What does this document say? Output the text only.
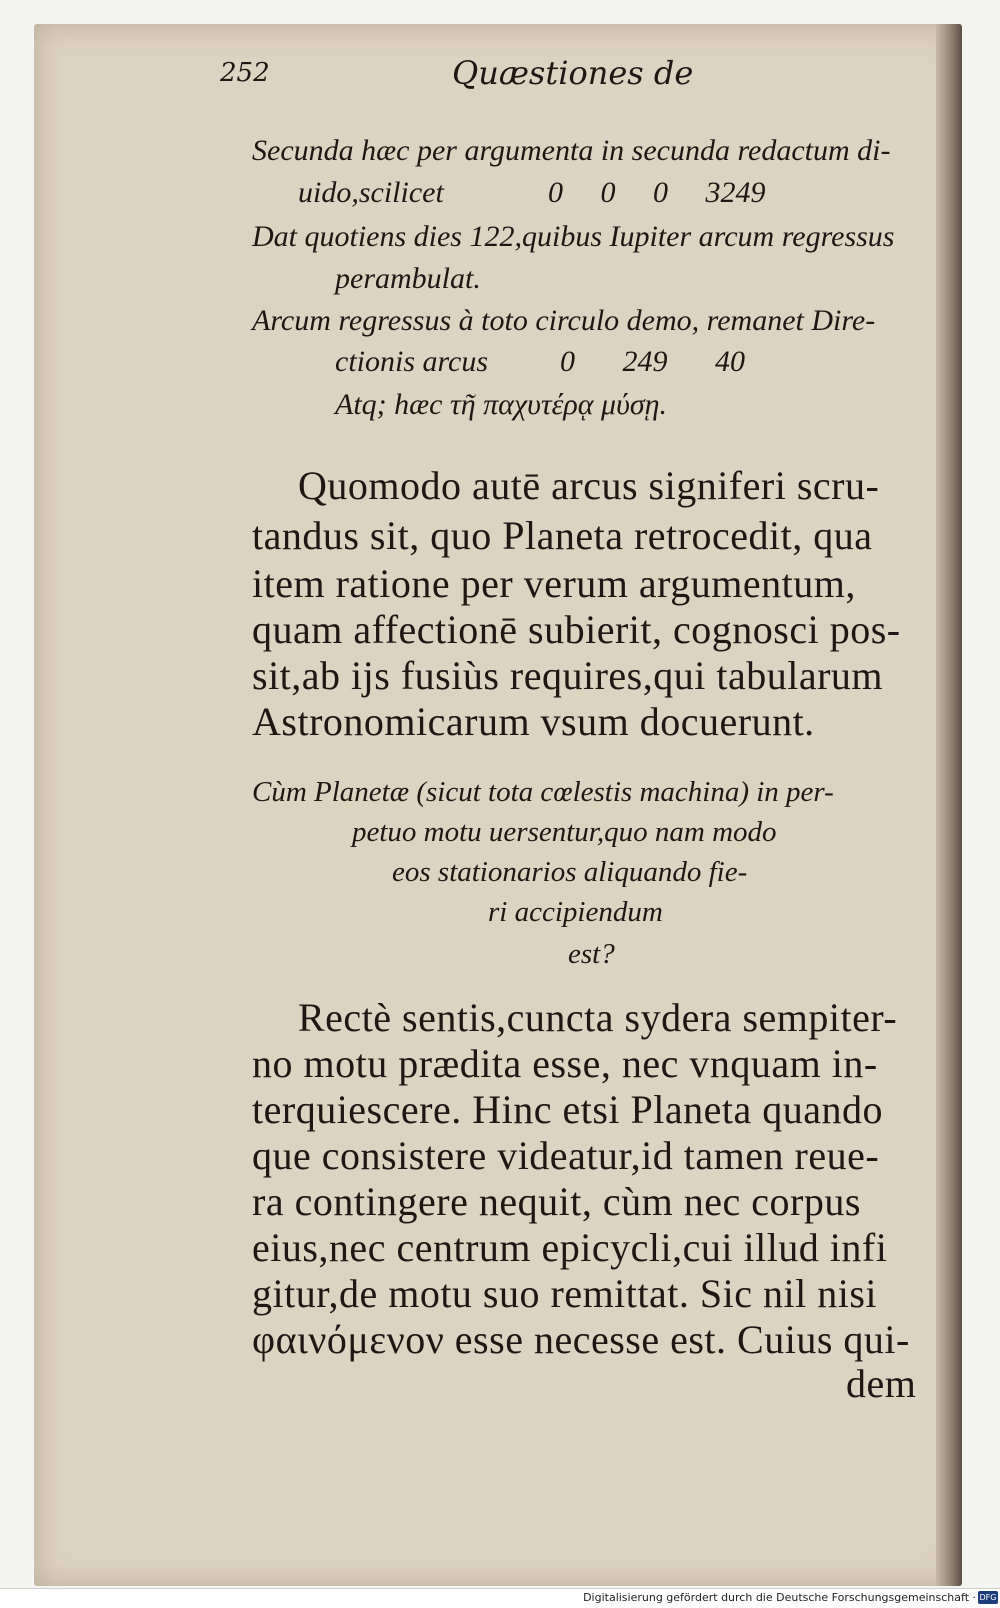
252	Quæstiones de
Secunda hæc per argumenta in secunda redactum di-
uido,scilicet	0 0 0 3249
Dat quotiens dies 122,quibus Iupiter arcum regressus
perambulat.
Arcum regressus à toto circulo demo, remanet Dire-
ctionis arcus 0 249 40
Atq; hæc τῆ παχυτέρᾳ μύσῃ.
Quomodo autē arcus signiferi scru-
tandus sit, quo Planeta retrocedit, qua
item ratione per verum argumentum,
quam affectionē subierit, cognosci pos-
sit,ab ijs fusiùs requires,qui tabularum
Astronomicarum vsum docuerunt.
Cùm Planetæ (sicut tota cœlestis machina) in per-
petuo motu uersentur,quo nam modo
eos stationarios aliquando fie-
ri accipiendum
est?
Rectè sentis,cuncta sydera sempiter-
no motu prædita esse, nec vnquam in-
terquiescere. Hinc etsi Planeta quando
que consistere videatur,id tamen reue-
ra contingere nequit, cùm nec corpus
eius,nec centrum epicycli,cui illud infi
gitur,de motu suo remittat. Sic nil nisi
φαινόμενον esse necesse est. Cuius qui-
dem
Digitalisierung gefördert durch die Deutsche Forschungsgemeinschaft · DFG
